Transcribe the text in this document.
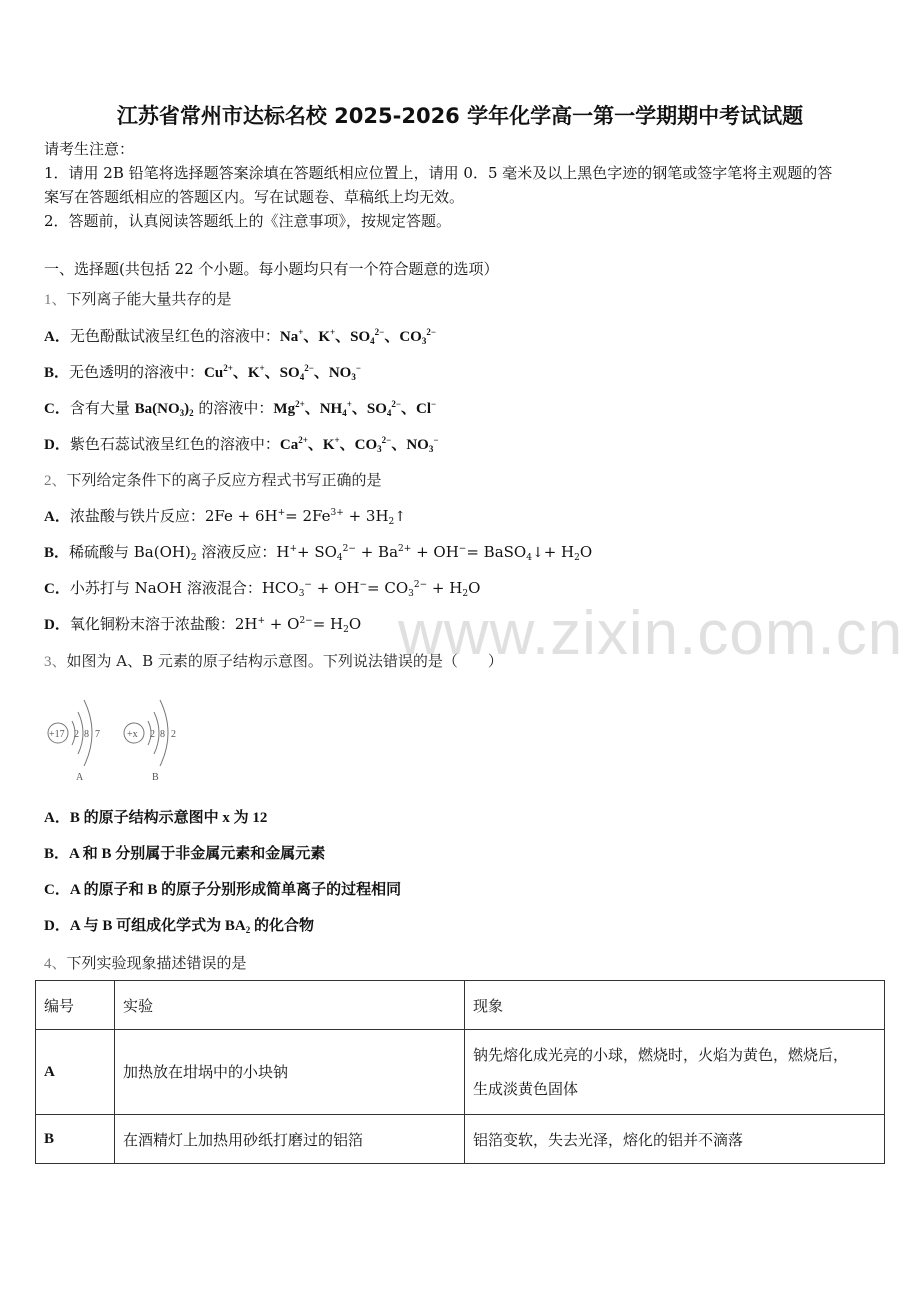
www.zixin.com.cn
江苏省常州市达标名校 2025-2026 学年化学高一第一学期期中考试试题
请考生注意：
1．请用 2B 铅笔将选择题答案涂填在答题纸相应位置上，请用 0．5 毫米及以上黑色字迹的钢笔或签字笔将主观题的答
案写在答题纸相应的答题区内。写在试题卷、草稿纸上均无效。
2．答题前，认真阅读答题纸上的《注意事项》，按规定答题。
一、选择题(共包括 22 个小题。每小题均只有一个符合题意的选项）
1、下列离子能大量共存的是
A．无色酚酞试液呈红色的溶液中：Na+、K+、$SO_4^{2-}$、$CO_3^{2-}$
B．无色透明的溶液中：$Cu^{2+}$、K+、$SO_4^{2-}$、$NO_3^-$
C．含有大量 $Ba(NO_3)_2$ 的溶液中：$Mg^{2+}$、$NH_4^+$、$SO_4^{2-}$、Cl−
D．紫色石蕊试液呈红色的溶液中：$Ca^{2+}$、K+、$CO_3^{2-}$、$NO_3^-$
2、下列给定条件下的离子反应方程式书写正确的是
A．浓盐酸与铁片反应：$2Fe + 6H^+= 2Fe^{3+}$ + $3H_2↑$
B．稀硫酸与 $Ba(OH)_2$ 溶液反应：$H^++ SO_4^{2-} + Ba^{2+} + OH^-=$ BaSO$_4$↓+ $H_2O$
C．小苏打与 NaOH 溶液混合：$HCO_3^- + OH^-= CO_3^{2-} + H_2O$
D．氧化铜粉末溶于浓盐酸：$2H^+ + O^{2-}= H_2O$
3、如图为 A、B 元素的原子结构示意图。下列说法错误的是（　　）
+17 2 8 7
A
+x 2 8 2
B
A．B 的原子结构示意图中 x 为 12
B．A 和 B 分别属于非金属元素和金属元素
C．A 的原子和 B 的原子分别形成简单离子的过程相同
D．A 与 B 可组成化学式为 $BA_2$ 的化合物
4、下列实验现象描述错误的是
编号	实验	现象
A	加热放在坩埚中的小块钠	钠先熔化成光亮的小球，燃烧时，火焰为黄色，燃烧后，
生成淡黄色固体

B	在酒精灯上加热用砂纸打磨过的铝箔	铝箔变软，失去光泽，熔化的铝并不滴落
